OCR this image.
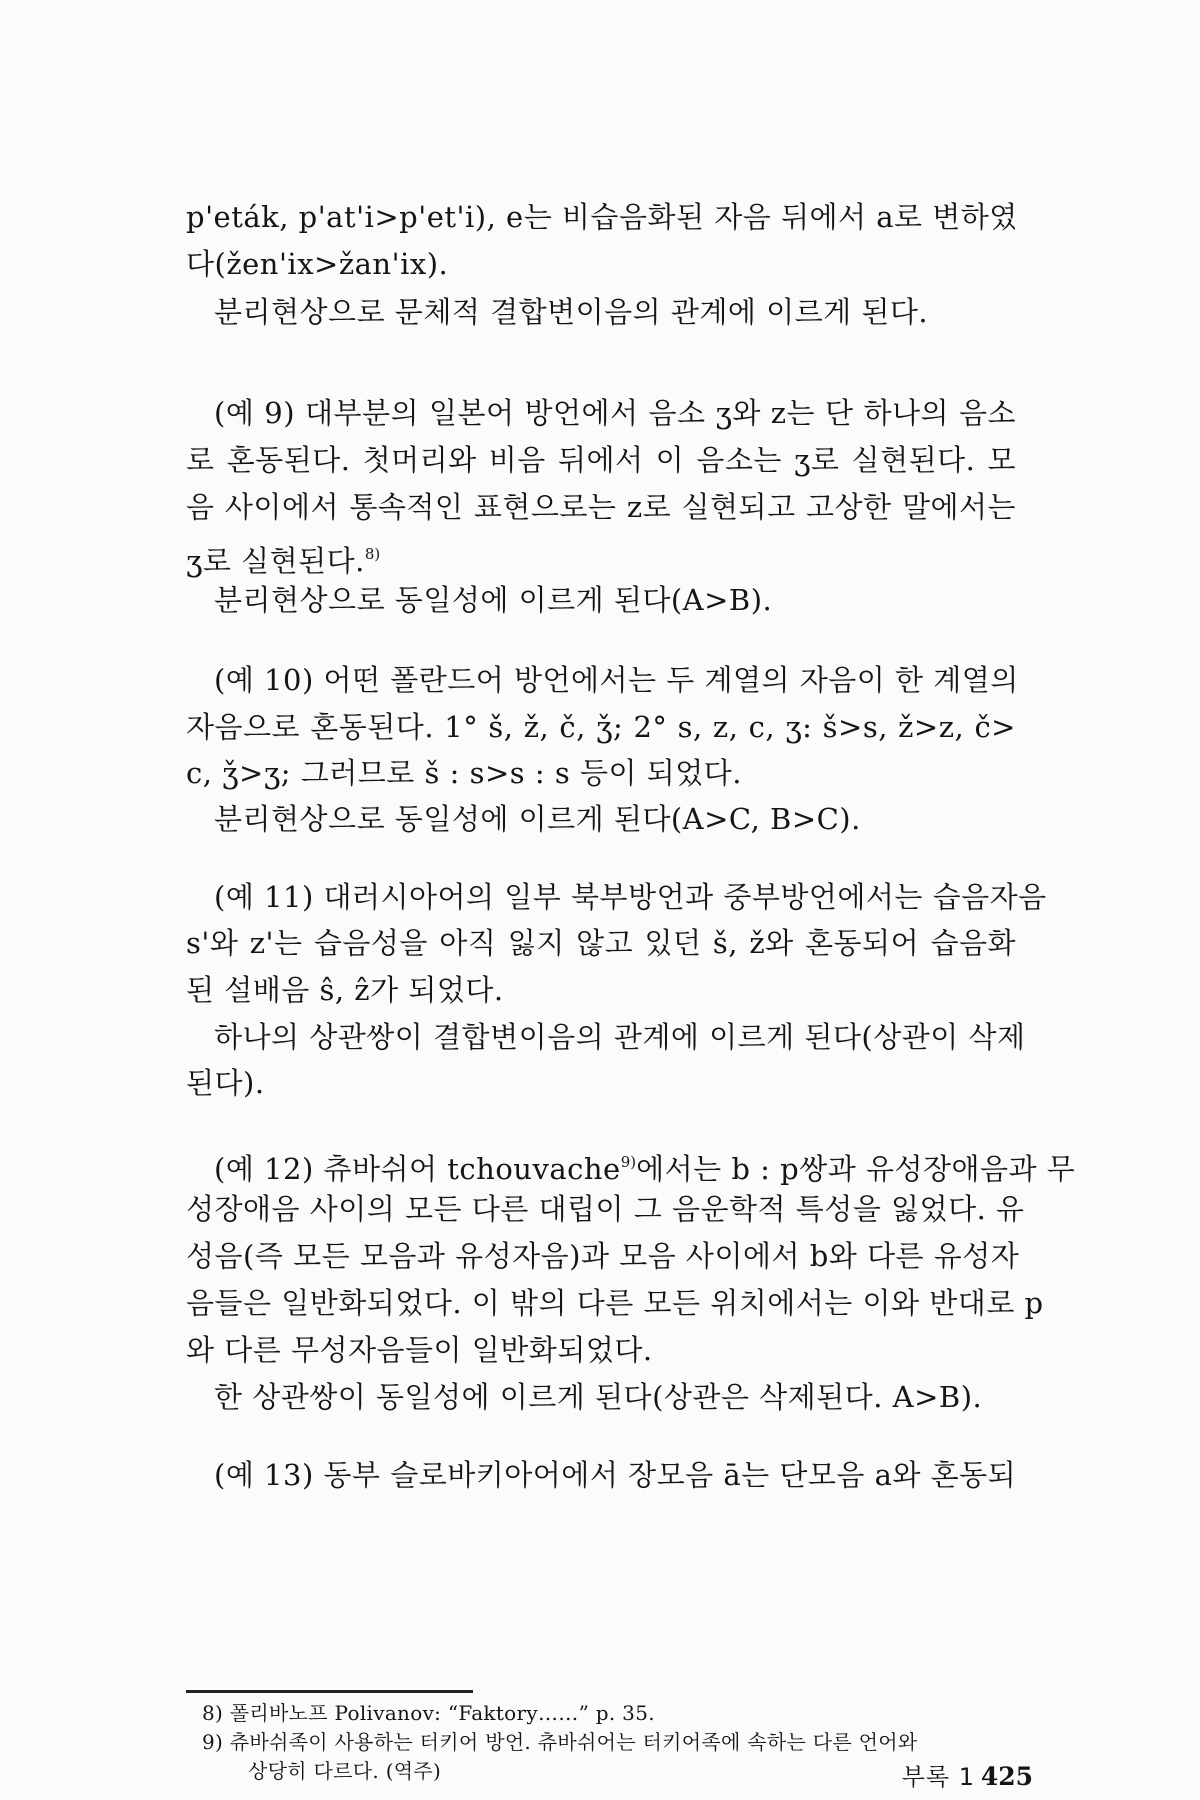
p'eták, p'at'i>p'et'i), e는 비습음화된 자음 뒤에서 a로 변하였
다(žen'ix>žan'ix).
분리현상으로 문체적 결합변이음의 관계에 이르게 된다.
(예 9) 대부분의 일본어 방언에서 음소 ʒ와 z는 단 하나의 음소
로 혼동된다. 첫머리와 비음 뒤에서 이 음소는 ʒ로 실현된다. 모
음 사이에서 통속적인 표현으로는 z로 실현되고 고상한 말에서는
ʒ로 실현된다.$^{8)}$
분리현상으로 동일성에 이르게 된다(A>B).
(예 10) 어떤 폴란드어 방언에서는 두 계열의 자음이 한 계열의
자음으로 혼동된다. 1° š, ž, č, ǯ; 2° s, z, c, ʒ: š>s, ž>z, č>
c, ǯ>ʒ; 그러므로 š : s>s : s 등이 되었다.
분리현상으로 동일성에 이르게 된다(A>C, B>C).
(예 11) 대러시아어의 일부 북부방언과 중부방언에서는 습음자음
s'와 z'는 습음성을 아직 잃지 않고 있던 š, ž와 혼동되어 습음화
된 설배음 ŝ, ẑ가 되었다.
하나의 상관쌍이 결합변이음의 관계에 이르게 된다(상관이 삭제
된다).
(예 12) 츄바쉬어 tchouvache$^{9)}$에서는 b : p쌍과 유성장애음과 무
성장애음 사이의 모든 다른 대립이 그 음운학적 특성을 잃었다. 유
성음(즉 모든 모음과 유성자음)과 모음 사이에서 b와 다른 유성자
음들은 일반화되었다. 이 밖의 다른 모든 위치에서는 이와 반대로 p
와 다른 무성자음들이 일반화되었다.
한 상관쌍이 동일성에 이르게 된다(상관은 삭제된다. A>B).
(예 13) 동부 슬로바키아어에서 장모음 ā는 단모음 a와 혼동되
8) 폴리바노프 Polivanov: “Faktory……” p. 35.
9) 츄바쉬족이 사용하는 터키어 방언. 츄바쉬어는 터키어족에 속하는 다른 언어와
상당히 다르다. (역주)	부록 1 425
